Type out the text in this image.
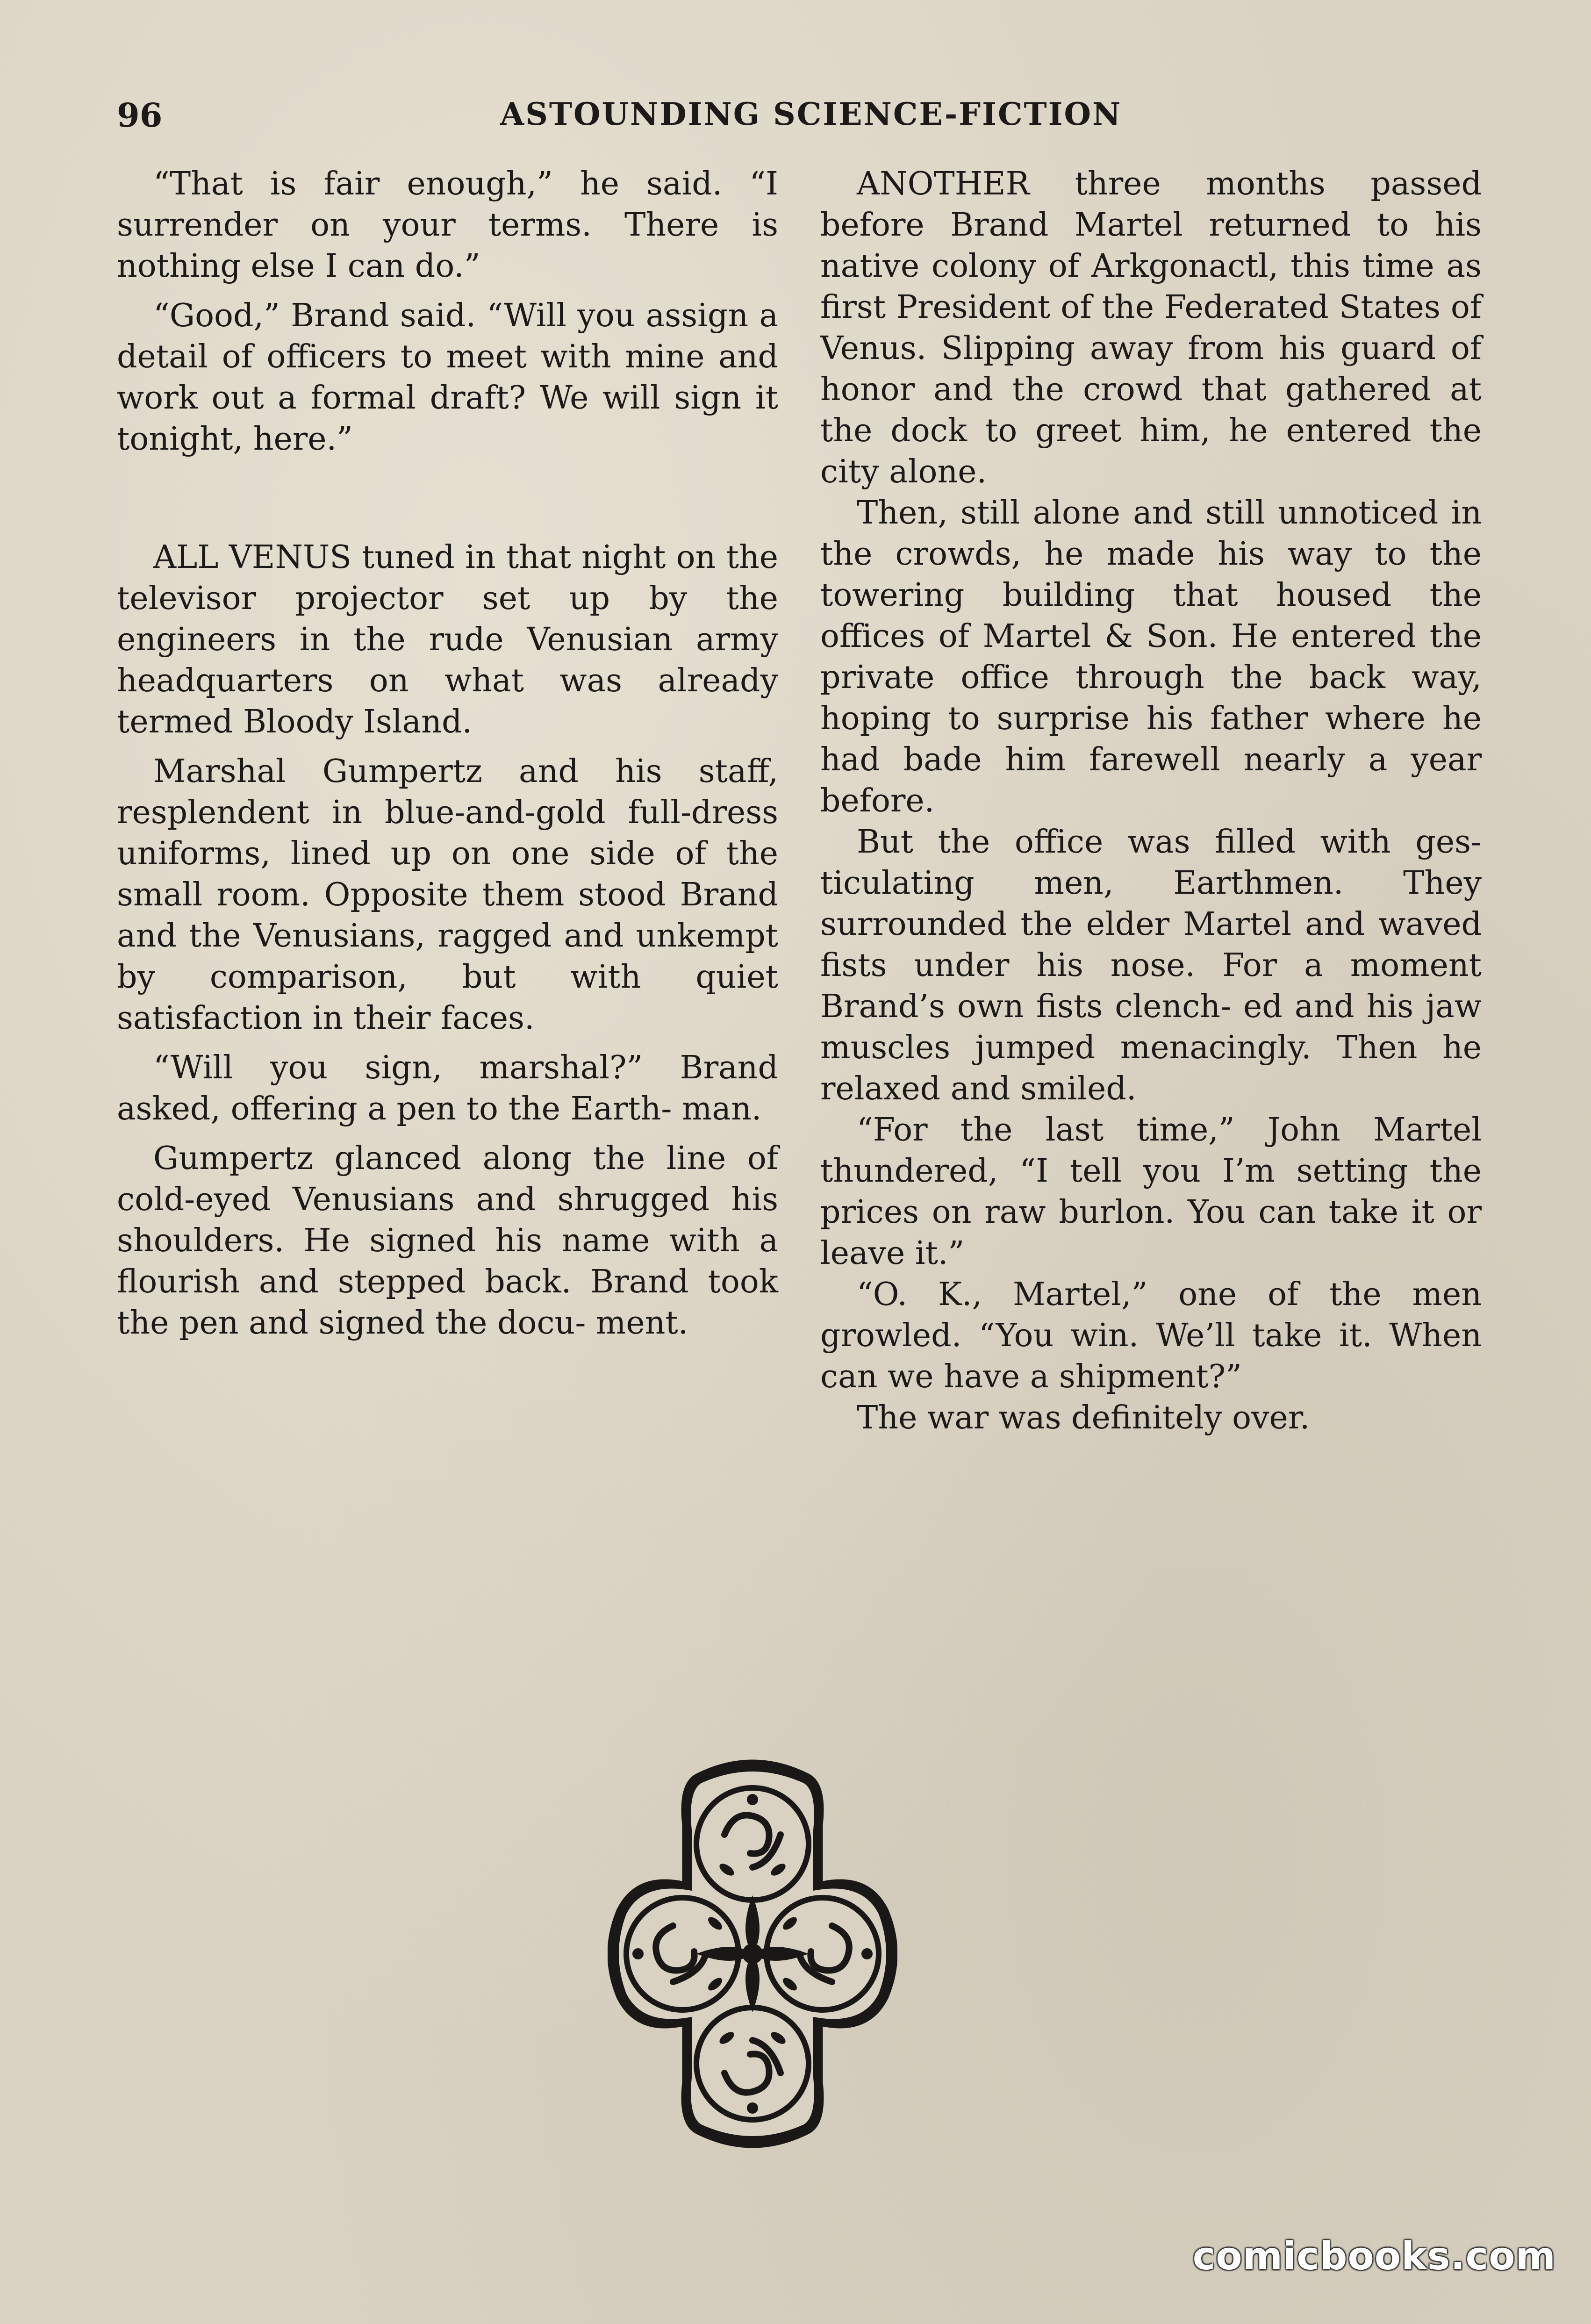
96	ASTOUNDING SCIENCE-FICTION

“That is fair enough,” he said. “I surrender on your terms. There is nothing else I can do.”

“Good,” Brand said. “Will you assign a detail of officers to meet with mine and work out a formal draft? We will sign it tonight, here.”

ALL VENUS tuned in that night on the televisor projector set up by the engineers in the rude Venusian army headquarters on what was already termed Bloody Island.

Marshal Gumpertz and his staff, resplendent in blue-and-gold full-dress uniforms, lined up on one side of the small room. Opposite them stood Brand and the Venusians, ragged and unkempt by comparison, but with quiet satisfaction in their faces.

“Will you sign, marshal?” Brand asked, offering a pen to the Earth- man.

Gumpertz glanced along the line of cold-eyed Venusians and shrugged his shoulders. He signed his name with a flourish and stepped back. Brand took the pen and signed the docu- ment.

ANOTHER three months passed before Brand Martel returned to his native colony of Arkgonactl, this time as first President of the Federated States of Venus. Slipping away from his guard of honor and the crowd that gathered at the dock to greet him, he entered the city alone.

Then, still alone and still unnoticed in the crowds, he made his way to the towering building that housed the offices of Martel & Son. He entered the private office through the back way, hoping to surprise his father where he had bade him farewell nearly a year before.

But the office was filled with ges- ticulating men, Earthmen. They surrounded the elder Martel and waved fists under his nose. For a moment Brand’s own fists clench- ed and his jaw muscles jumped menacingly. Then he relaxed and smiled.

“For the last time,” John Martel thundered, “I tell you I’m setting the prices on raw burlon. You can take it or leave it.”

“O. K., Martel,” one of the men growled. “You win. We’ll take it. When can we have a shipment?”

The war was definitely over.

comicbooks.com
